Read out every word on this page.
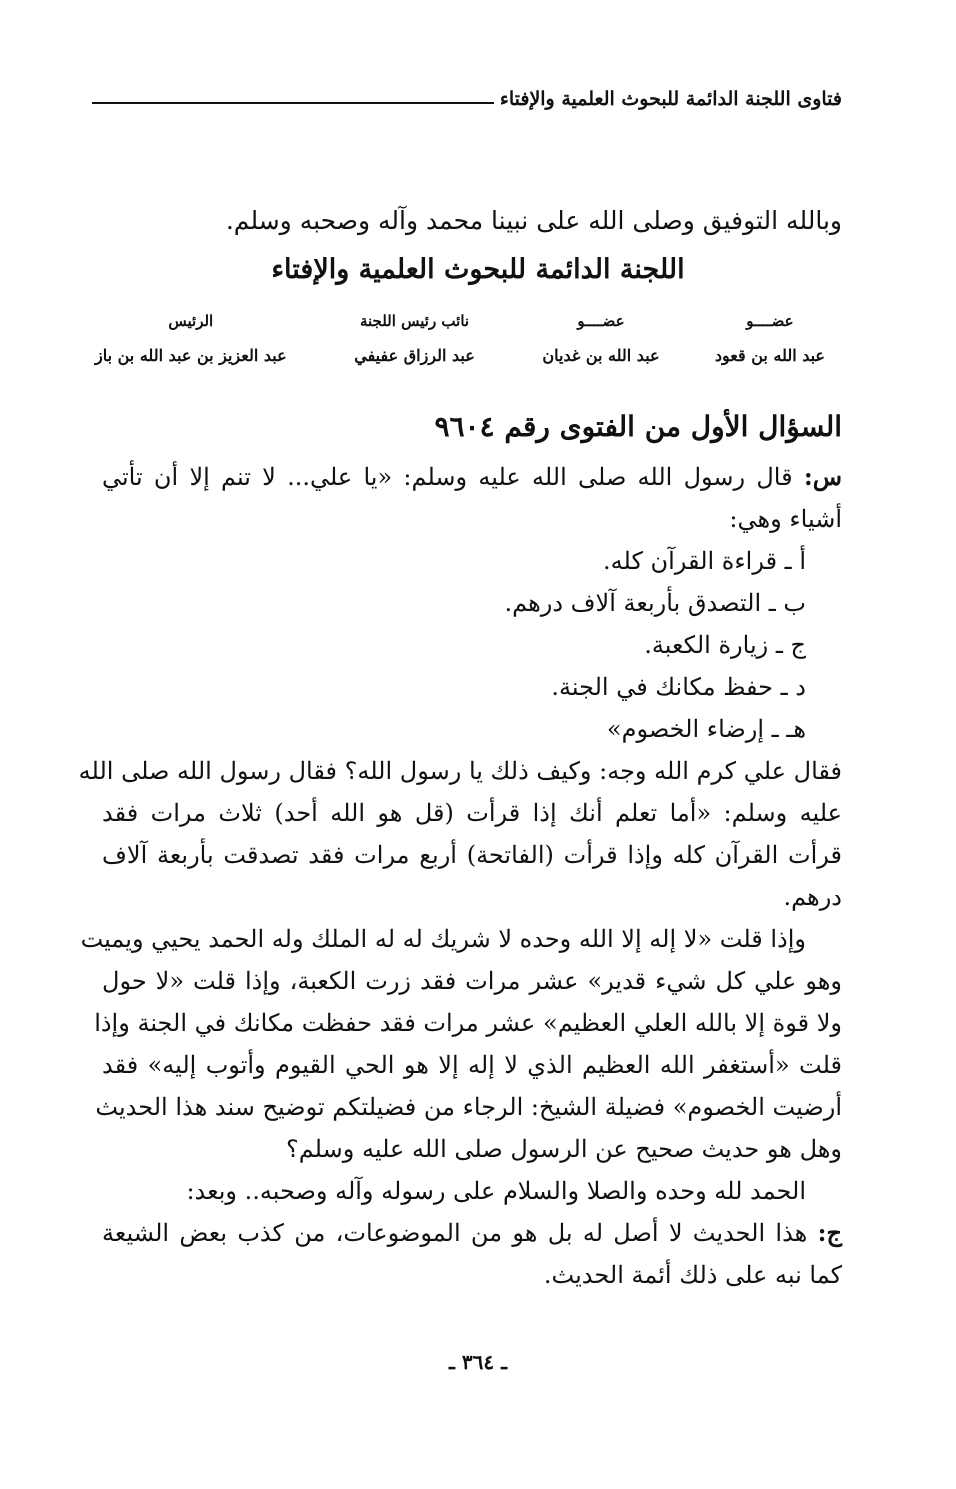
فتاوى اللجنة الدائمة للبحوث العلمية والإفتاء
وبالله التوفيق وصلى الله على نبينا محمد وآله وصحبه وسلم.
اللجنة الدائمة للبحوث العلمية والإفتاء
عضــــو
عبد الله بن قعود
عضــــو
عبد الله بن غديان
نائب رئيس اللجنة
عبد الرزاق عفيفي
الرئيس
عبد العزيز بن عبد الله بن باز
السؤال الأول من الفتوى رقم ٩٦٠٤
س: قال رسول الله صلى الله عليه وسلم: «يا علي... لا تنم إلا أن تأتي
أشياء وهي:
أ ـ قراءة القرآن كله.
ب ـ التصدق بأربعة آلاف درهم.
ج ـ زيارة الكعبة.
د ـ حفظ مكانك في الجنة.
هـ ـ إرضاء الخصوم»
فقال علي كرم الله وجه: وكيف ذلك يا رسول الله؟ فقال رسول الله صلى الله
عليه وسلم: «أما تعلم أنك إذا قرأت (قل هو الله أحد) ثلاث مرات فقد
قرأت القرآن كله وإذا قرأت (الفاتحة) أربع مرات فقد تصدقت بأربعة آلاف
درهم.
وإذا قلت «لا إله إلا الله وحده لا شريك له له الملك وله الحمد يحيي ويميت
وهو علي كل شيء قدير» عشر مرات فقد زرت الكعبة، وإذا قلت «لا حول
ولا قوة إلا بالله العلي العظيم» عشر مرات فقد حفظت مكانك في الجنة وإذا
قلت «أستغفر الله العظيم الذي لا إله إلا هو الحي القيوم وأتوب إليه» فقد
أرضيت الخصوم» فضيلة الشيخ: الرجاء من فضيلتكم توضيح سند هذا الحديث
وهل هو حديث صحيح عن الرسول صلى الله عليه وسلم؟
الحمد لله وحده والصلا والسلام على رسوله وآله وصحبه.. وبعد:
ج: هذا الحديث لا أصل له بل هو من الموضوعات، من كذب بعض الشيعة
كما نبه على ذلك أئمة الحديث.
ـ ٣٦٤ ـ
